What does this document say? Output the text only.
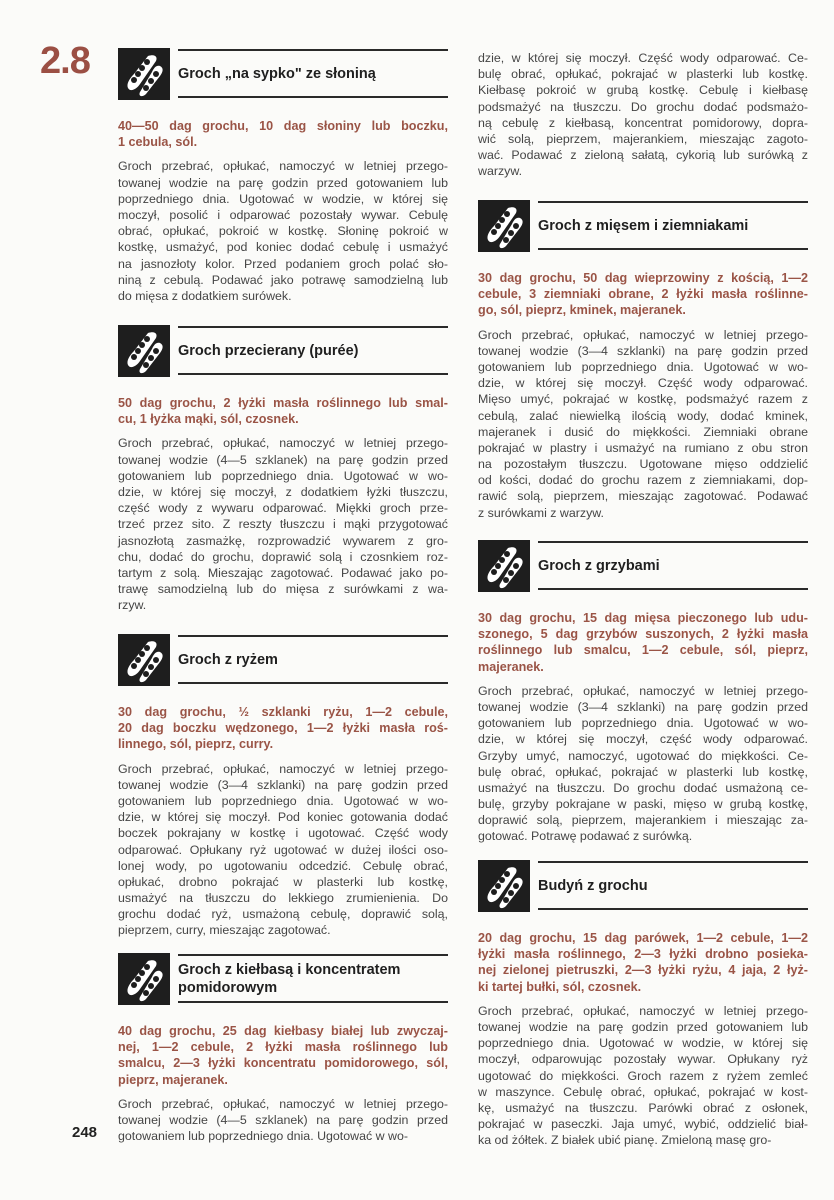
2.8
248
dzie, w której się moczył. Część wody odparować. Ce-
bulę obrać, opłukać, pokrajać w plasterki lub kostkę.
Kiełbasę pokroić w grubą kostkę. Cebulę i kiełbasę
podsmażyć na tłuszczu. Do grochu dodać podsmażo-
ną cebulę z kiełbasą, koncentrat pomidorowy, dopra-
wić solą, pieprzem, majerankiem, mieszając zagoto-
wać. Podawać z zieloną sałatą, cykorią lub surówką z
warzyw.
Groch „na sypko" ze słoniną
40—50 dag grochu, 10 dag słoniny lub boczku,
1 cebula, sól.
Groch przebrać, opłukać, namoczyć w letniej przego-
towanej wodzie na parę godzin przed gotowaniem lub
poprzedniego dnia. Ugotować w wodzie, w której się
moczył, posolić i odparować pozostały wywar. Cebulę
obrać, opłukać, pokroić w kostkę. Słoninę pokroić w
kostkę, usmażyć, pod koniec dodać cebulę i usmażyć
na jasnozłoty kolor. Przed podaniem groch polać sło-
niną z cebulą. Podawać jako potrawę samodzielną lub
do mięsa z dodatkiem surówek.
Groch przecierany (purée)
50 dag grochu, 2 łyżki masła roślinnego lub smal-
cu, 1 łyżka mąki, sól, czosnek.
Groch przebrać, opłukać, namoczyć w letniej przego-
towanej wodzie (4—5 szklanek) na parę godzin przed
gotowaniem lub poprzedniego dnia. Ugotować w wo-
dzie, w której się moczył, z dodatkiem łyżki tłuszczu,
część wody z wywaru odparować. Miękki groch prze-
trzeć przez sito. Z reszty tłuszczu i mąki przygotować
jasnozłotą zasmażkę, rozprowadzić wywarem z gro-
chu, dodać do grochu, doprawić solą i czosnkiem roz-
tartym z solą. Mieszając zagotować. Podawać jako po-
trawę samodzielną lub do mięsa z surówkami z wa-
rzyw.
Groch z ryżem
30 dag grochu, ½ szklanki ryżu, 1—2 cebule,
20 dag boczku wędzonego, 1—2 łyżki masła roś-
linnego, sól, pieprz, curry.
Groch przebrać, opłukać, namoczyć w letniej przego-
towanej wodzie (3—4 szklanki) na parę godzin przed
gotowaniem lub poprzedniego dnia. Ugotować w wo-
dzie, w której się moczył. Pod koniec gotowania dodać
boczek pokrajany w kostkę i ugotować. Część wody
odparować. Opłukany ryż ugotować w dużej ilości oso-
lonej wody, po ugotowaniu odcedzić. Cebulę obrać,
opłukać, drobno pokrajać w plasterki lub kostkę,
usmażyć na tłuszczu do lekkiego zrumienienia. Do
grochu dodać ryż, usmażoną cebulę, doprawić solą,
pieprzem, curry, mieszając zagotować.
Groch z kiełbasą i koncentratem
pomidorowym
40 dag grochu, 25 dag kiełbasy białej lub zwyczaj-
nej, 1—2 cebule, 2 łyżki masła roślinnego lub
smalcu, 2—3 łyżki koncentratu pomidorowego, sól,
pieprz, majeranek.
Groch przebrać, opłukać, namoczyć w letniej przego-
towanej wodzie (4—5 szklanek) na parę godzin przed
gotowaniem lub poprzedniego dnia. Ugotować w wo-
Groch z mięsem i ziemniakami
30 dag grochu, 50 dag wieprzowiny z kością, 1—2
cebule, 3 ziemniaki obrane, 2 łyżki masła roślinne-
go, sól, pieprz, kminek, majeranek.
Groch przebrać, opłukać, namoczyć w letniej przego-
towanej wodzie (3—4 szklanki) na parę godzin przed
gotowaniem lub poprzedniego dnia. Ugotować w wo-
dzie, w której się moczył. Część wody odparować.
Mięso umyć, pokrajać w kostkę, podsmażyć razem z
cebulą, zalać niewielką ilością wody, dodać kminek,
majeranek i dusić do miękkości. Ziemniaki obrane
pokrajać w plastry i usmażyć na rumiano z obu stron
na pozostałym tłuszczu. Ugotowane mięso oddzielić
od kości, dodać do grochu razem z ziemniakami, dop-
rawić solą, pieprzem, mieszając zagotować. Podawać
z surówkami z warzyw.
Groch z grzybami
30 dag grochu, 15 dag mięsa pieczonego lub udu-
szonego, 5 dag grzybów suszonych, 2 łyżki masła
roślinnego lub smalcu, 1—2 cebule, sól, pieprz,
majeranek.
Groch przebrać, opłukać, namoczyć w letniej przego-
towanej wodzie (3—4 szklanki) na parę godzin przed
gotowaniem lub poprzedniego dnia. Ugotować w wo-
dzie, w której się moczył, część wody odparować.
Grzyby umyć, namoczyć, ugotować do miękkości. Ce-
bulę obrać, opłukać, pokrajać w plasterki lub kostkę,
usmażyć na tłuszczu. Do grochu dodać usmażoną ce-
bulę, grzyby pokrajane w paski, mięso w grubą kostkę,
doprawić solą, pieprzem, majerankiem i mieszając za-
gotować. Potrawę podawać z surówką.
Budyń z grochu
20 dag grochu, 15 dag parówek, 1—2 cebule, 1—2
łyżki masła roślinnego, 2—3 łyżki drobno posieka-
nej zielonej pietruszki, 2—3 łyżki ryżu, 4 jaja, 2 łyż-
ki tartej bułki, sól, czosnek.
Groch przebrać, opłukać, namoczyć w letniej przego-
towanej wodzie na parę godzin przed gotowaniem lub
poprzedniego dnia. Ugotować w wodzie, w której się
moczył, odparowując pozostały wywar. Opłukany ryż
ugotować do miękkości. Groch razem z ryżem zemleć
w maszynce. Cebulę obrać, opłukać, pokrajać w kost-
kę, usmażyć na tłuszczu. Parówki obrać z osłonek,
pokrajać w paseczki. Jaja umyć, wybić, oddzielić biał-
ka od żółtek. Z białek ubić pianę. Zmieloną masę gro-
